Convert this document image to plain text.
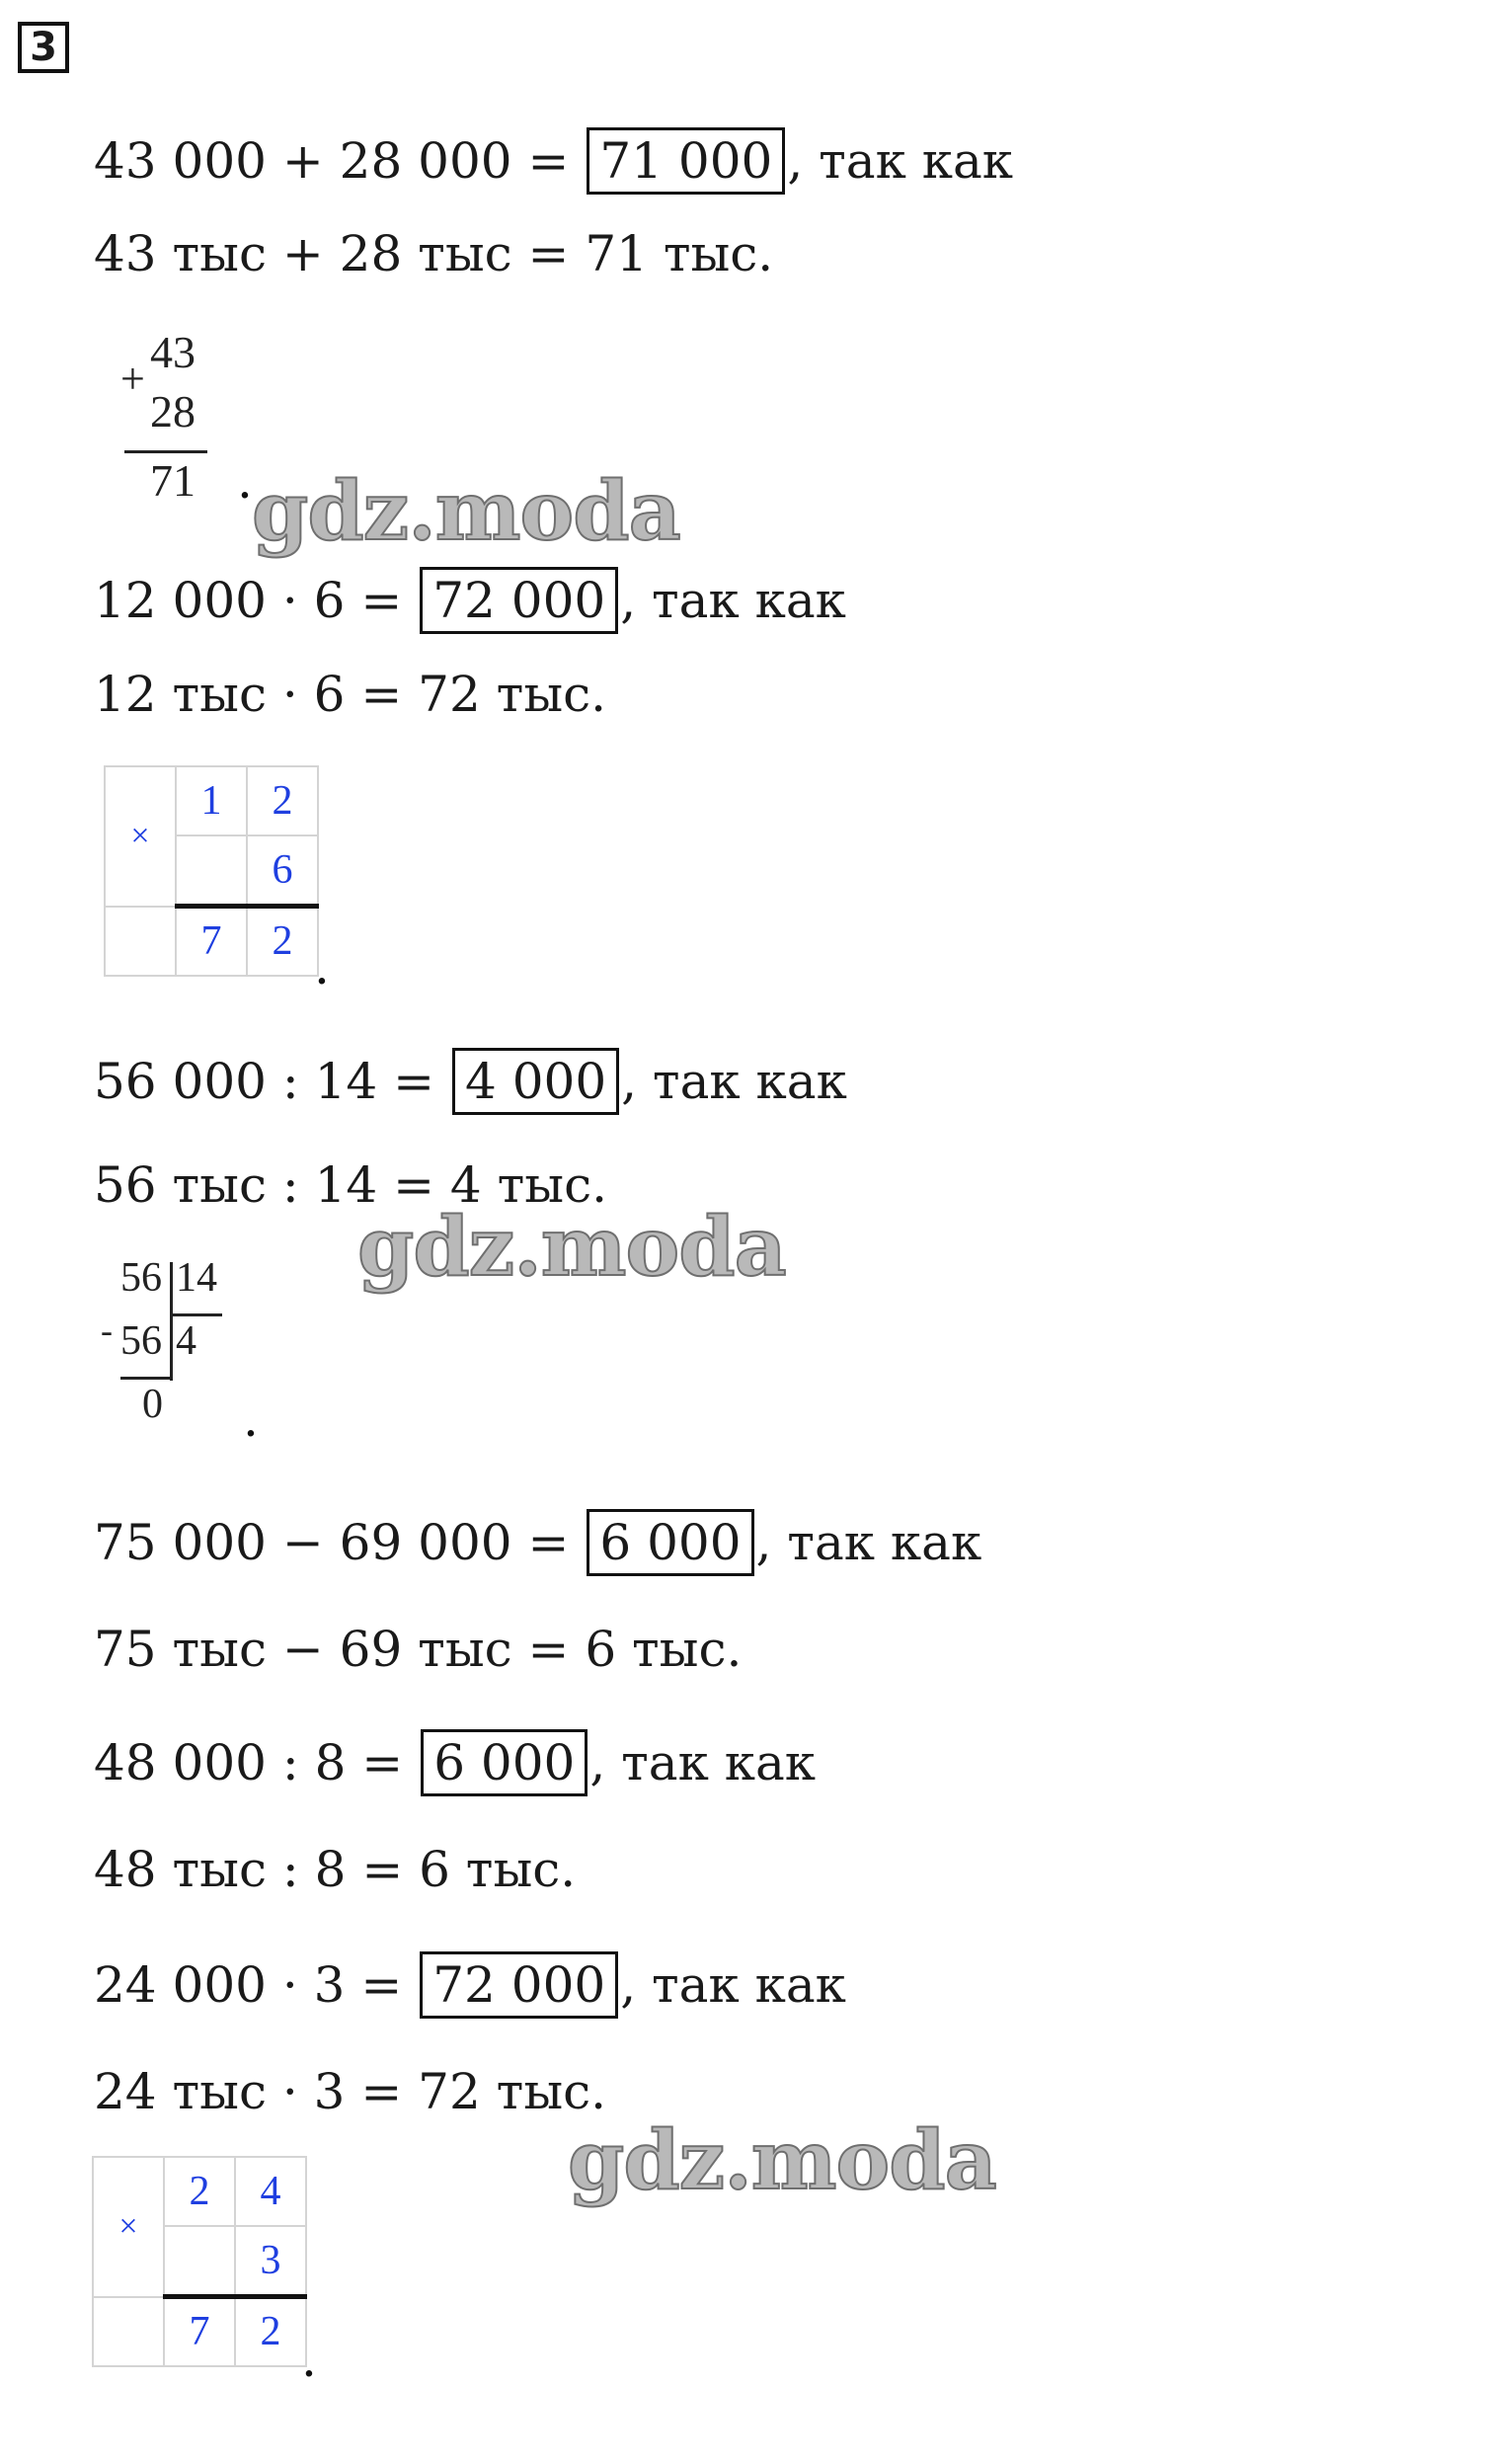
3
43 000 + 28 000 = 71 000 , так как
43 тыс + 28 тыс = 71 тыс.
+
43
28
71 . gdz.moda
12 000 · 6 = 72 000 , так как
12 тыс · 6 = 72 тыс.
×	1	2
		6
	7	2 .
56 000 : 14 = 4 000 , так как
56 тыс : 14 = 4 тыс.
gdz.moda
-
56 14
56 4
0 .
75 000 − 69 000 = 6 000 , так как
75 тыс − 69 тыс = 6 тыс.
48 000 : 8 = 6 000 , так как
48 тыс : 8 = 6 тыс.
24 000 · 3 = 72 000 , так как
24 тыс · 3 = 72 тыс.
gdz.moda
×	2	4
		3
	7	2 .
